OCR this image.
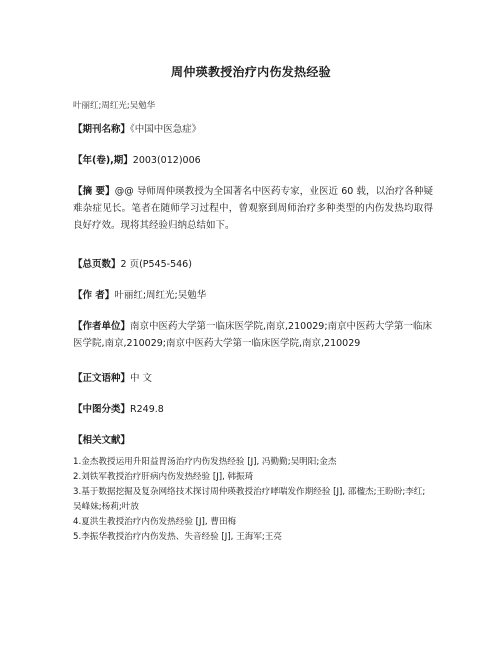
周仲瑛教授治疗内伤发热经验
叶丽红;周红光;吴勉华
【期刊名称】《中国中医急症》
【年(卷),期】2003(012)006
【摘 要】@@ 导师周仲瑛教授为全国著名中医药专家，业医近 60 载，以治疗各种疑难杂症见长。笔者在随师学习过程中，曾观察到周师治疗多种类型的内伤发热均取得良好疗效。现将其经验归纳总结如下。
【总页数】2 页(P545-546)
【作 者】叶丽红;周红光;吴勉华
【作者单位】南京中医药大学第一临床医学院,南京,210029;南京中医药大学第一临床医学院,南京,210029;南京中医药大学第一临床医学院,南京,210029
【正文语种】中 文
【中图分类】R249.8
【相关文献】
1.金杰教授运用升阳益胃汤治疗内伤发热经验 [J], 冯勤勤;吴明阳;金杰
2.刘铁军教授治疗肝病内伤发热经验 [J], 韩振琦
3.基于数据挖掘及复杂网络技术探讨周仲瑛教授治疗哮喘发作期经验 [J], 邵楹杰;王盼盼;李红;吴峰妹;杨莉;叶放
4.夏洪生教授治疗内伤发热经验 [J], 曹田梅
5.李振华教授治疗内伤发热、失音经验 [J], 王海军;王亮
